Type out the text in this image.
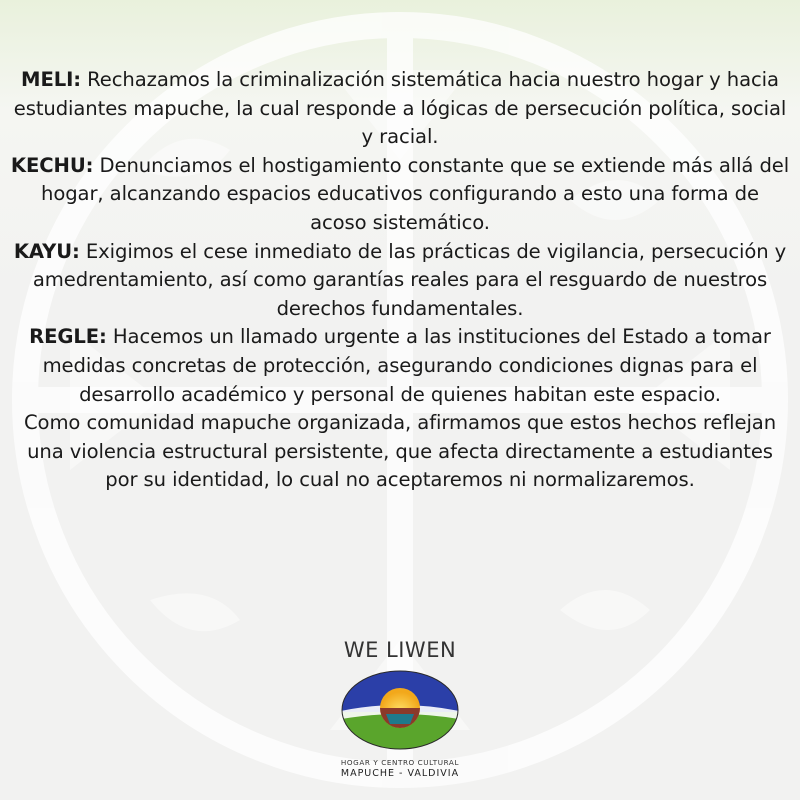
MELI: Rechazamos la criminalización sistemática hacia nuestro hogar y hacia estudiantes mapuche, la cual responde a lógicas de persecución política, social y racial.

KECHU: Denunciamos el hostigamiento constante que se extiende más allá del hogar, alcanzando espacios educativos configurando a esto una forma de acoso sistemático.

KAYU: Exigimos el cese inmediato de las prácticas de vigilancia, persecución y amedrentamiento, así como garantías reales para el resguardo de nuestros derechos fundamentales.

REGLE: Hacemos un llamado urgente a las instituciones del Estado a tomar medidas concretas de protección, asegurando condiciones dignas para el desarrollo académico y personal de quienes habitan este espacio.

Como comunidad mapuche organizada, afirmamos que estos hechos reflejan una violencia estructural persistente, que afecta directamente a estudiantes por su identidad, lo cual no aceptaremos ni normalizaremos.

WE LIWEN
HOGAR Y CENTRO CULTURAL
MAPUCHE - VALDIVIA
